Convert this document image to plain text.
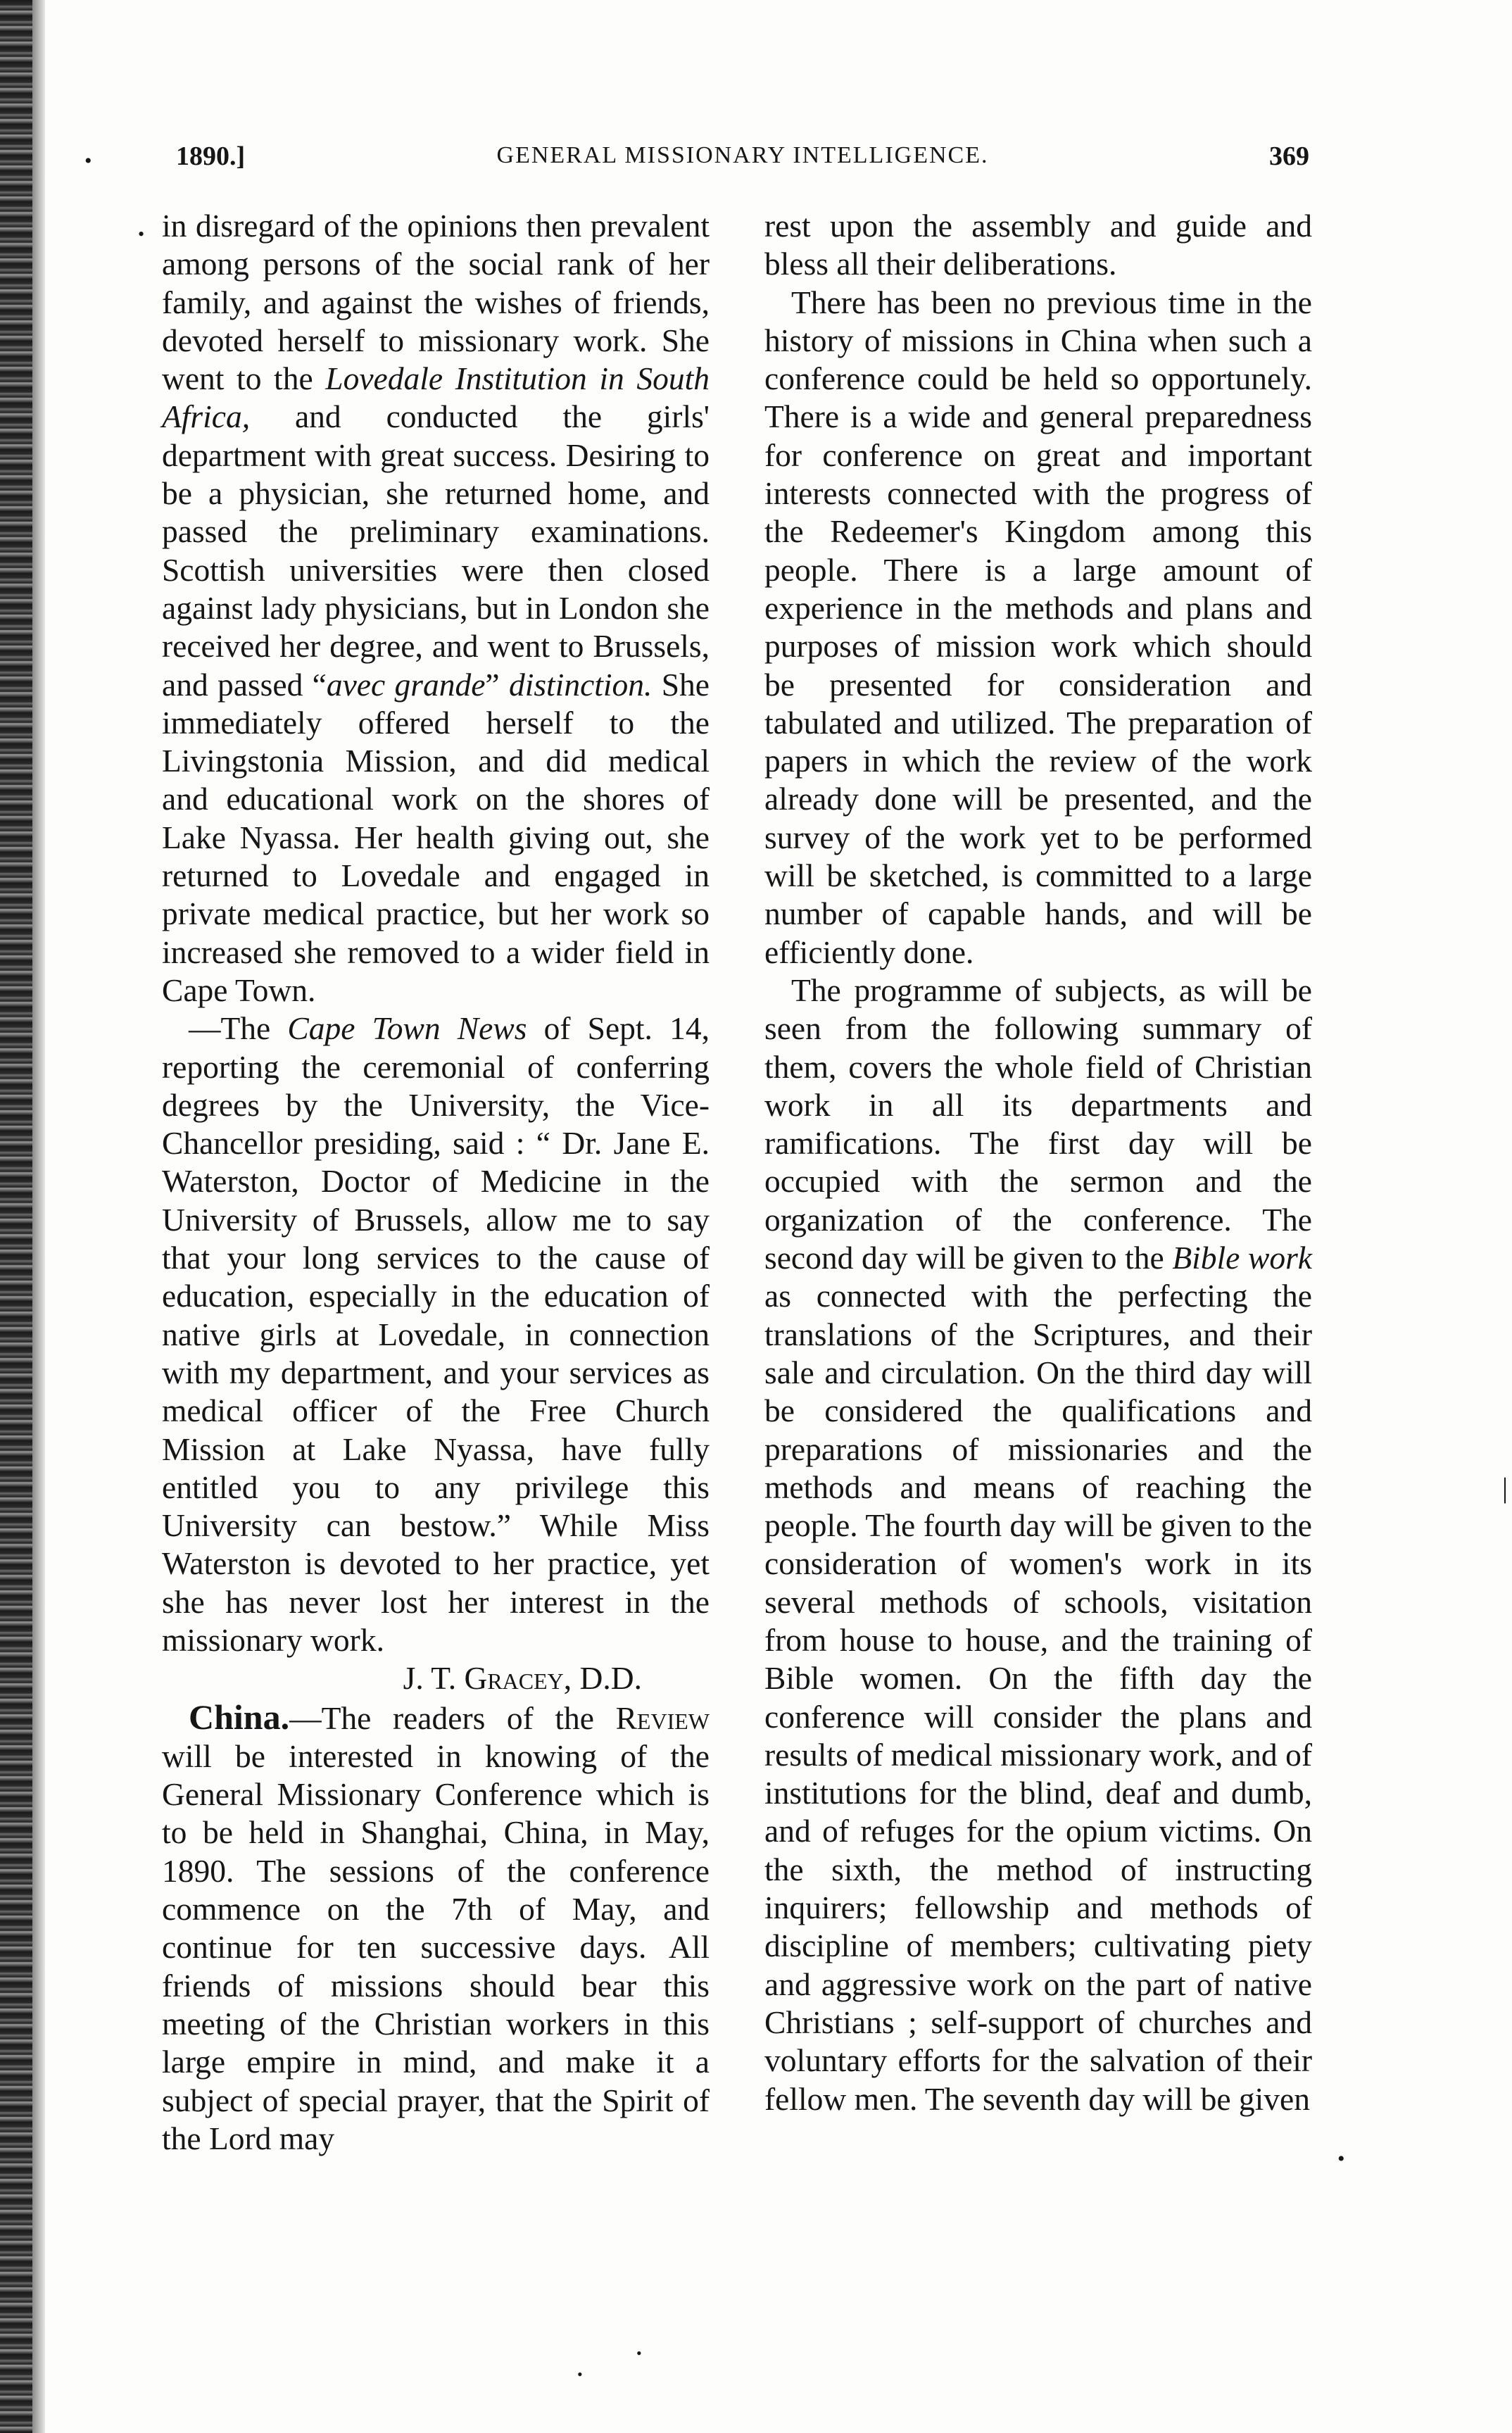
1890.]	GENERAL MISSIONARY INTELLIGENCE.	369

in disregard of the opinions then prevalent among persons of the social rank of her family, and against the wishes of friends, devoted herself to missionary work. She went to the Lovedale Institution in South Africa, and conducted the girls' department with great success. Desiring to be a physician, she returned home, and passed the preliminary examinations. Scottish universities were then closed against lady physicians, but in London she received her degree, and went to Brussels, and passed “avec grande” distinction. She immediately offered herself to the Livingstonia Mission, and did medical and educational work on the shores of Lake Nyassa. Her health giving out, she returned to Lovedale and engaged in private medical practice, but her work so increased she removed to a wider field in Cape Town.

—The Cape Town News of Sept. 14, reporting the ceremonial of conferring degrees by the University, the Vice-Chancellor presiding, said : “ Dr. Jane E. Waterston, Doctor of Medicine in the University of Brussels, allow me to say that your long services to the cause of education, especially in the education of native girls at Lovedale, in connection with my department, and your services as medical officer of the Free Church Mission at Lake Nyassa, have fully entitled you to any privilege this University can bestow.” While Miss Waterston is devoted to her practice, yet she has never lost her interest in the missionary work.

J. T. Gracey, D.D.

China.—The readers of the Review will be interested in knowing of the General Missionary Conference which is to be held in Shanghai, China, in May, 1890. The sessions of the conference commence on the 7th of May, and continue for ten successive days. All friends of missions should bear this meeting of the Christian workers in this large empire in mind, and make it a subject of special prayer, that the Spirit of the Lord may

rest upon the assembly and guide and bless all their deliberations.

There has been no previous time in the history of missions in China when such a conference could be held so opportunely. There is a wide and general preparedness for conference on great and important interests connected with the progress of the Redeemer's Kingdom among this people. There is a large amount of experience in the methods and plans and purposes of mission work which should be presented for consideration and tabulated and utilized. The preparation of papers in which the review of the work already done will be presented, and the survey of the work yet to be performed will be sketched, is committed to a large number of capable hands, and will be efficiently done.

The programme of subjects, as will be seen from the following summary of them, covers the whole field of Christian work in all its departments and ramifications. The first day will be occupied with the sermon and the organization of the conference. The second day will be given to the Bible work as connected with the perfecting the translations of the Scriptures, and their sale and circulation. On the third day will be considered the qualifications and preparations of missionaries and the methods and means of reaching the people. The fourth day will be given to the consideration of women's work in its several methods of schools, visitation from house to house, and the training of Bible women. On the fifth day the conference will consider the plans and results of medical missionary work, and of institutions for the blind, deaf and dumb, and of refuges for the opium victims. On the sixth, the method of instructing inquirers; fellowship and methods of discipline of members; cultivating piety and aggressive work on the part of native Christians ; self-support of churches and voluntary efforts for the salvation of their fellow men. The seventh day will be given

•
•
|
•
•
•
